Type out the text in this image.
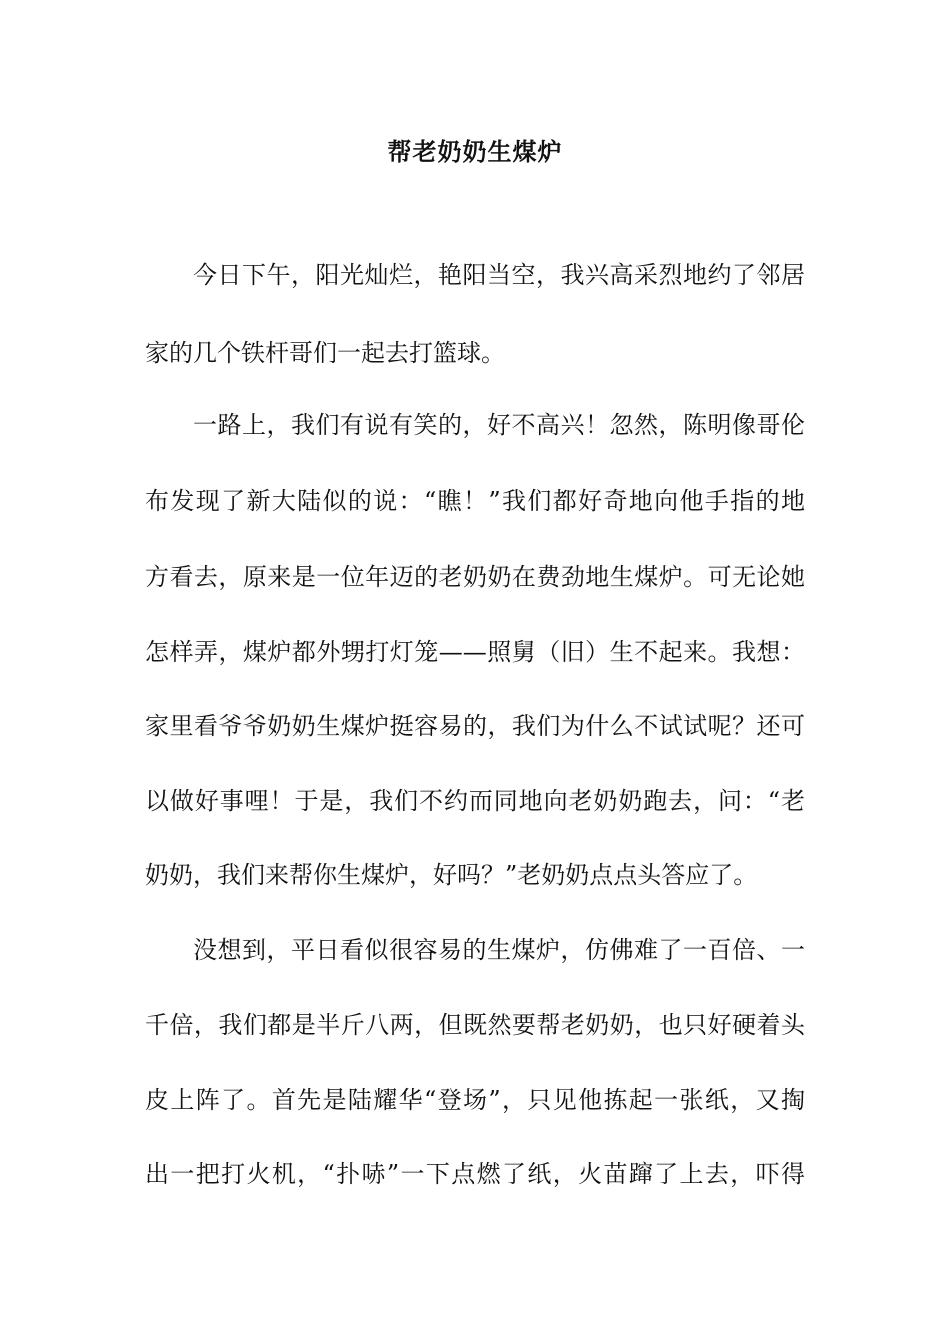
帮老奶奶生煤炉
今日下午，阳光灿烂，艳阳当空，我兴高采烈地约了邻居
家的几个铁杆哥们一起去打篮球。
一路上，我们有说有笑的，好不高兴！忽然，陈明像哥伦
布发现了新大陆似的说：“瞧！”我们都好奇地向他手指的地
方看去，原来是一位年迈的老奶奶在费劲地生煤炉。可无论她
怎样弄，煤炉都外甥打灯笼——照舅（旧）生不起来。我想：
家里看爷爷奶奶生煤炉挺容易的，我们为什么不试试呢？还可
以做好事哩！于是，我们不约而同地向老奶奶跑去，问：“老
奶奶，我们来帮你生煤炉，好吗？”老奶奶点点头答应了。
没想到，平日看似很容易的生煤炉，仿佛难了一百倍、一
千倍，我们都是半斤八两，但既然要帮老奶奶，也只好硬着头
皮上阵了。首先是陆耀华“登场”，只见他拣起一张纸，又掏
出一把打火机，“扑哧”一下点燃了纸，火苗蹿了上去，吓得
